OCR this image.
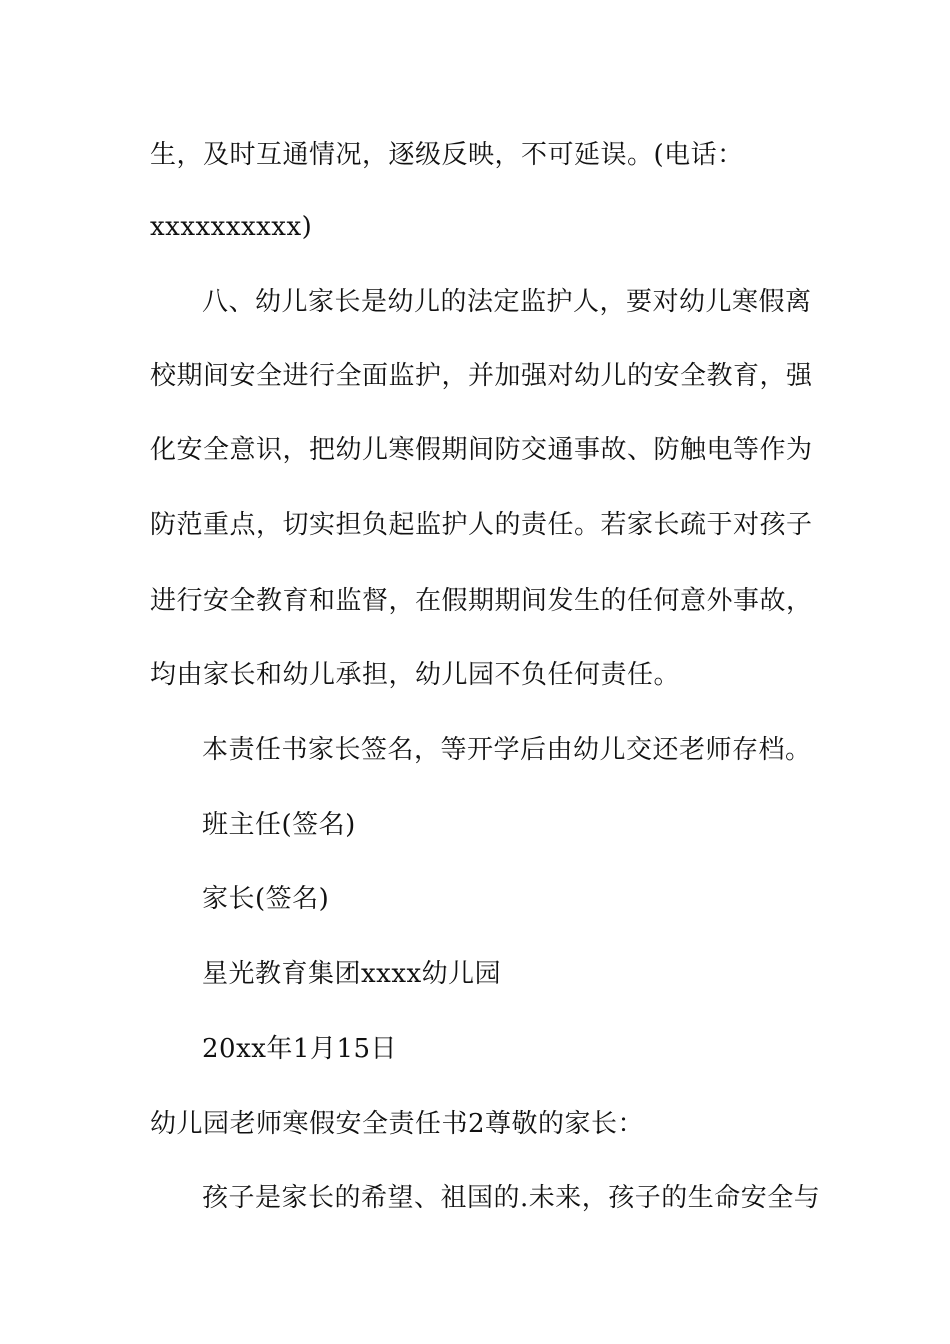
生，及时互通情况，逐级反映，不可延误。(电话：
xxxxxxxxxx)
八、幼儿家长是幼儿的法定监护人，要对幼儿寒假离
校期间安全进行全面监护，并加强对幼儿的安全教育，强
化安全意识，把幼儿寒假期间防交通事故、防触电等作为
防范重点，切实担负起监护人的责任。若家长疏于对孩子
进行安全教育和监督，在假期期间发生的任何意外事故，
均由家长和幼儿承担，幼儿园不负任何责任。
本责任书家长签名，等开学后由幼儿交还老师存档。
班主任(签名)
家长(签名)
星光教育集团xxxx幼儿园
20xx年1月15日
幼儿园老师寒假安全责任书2尊敬的家长：
孩子是家长的希望、祖国的.未来，孩子的生命安全与
